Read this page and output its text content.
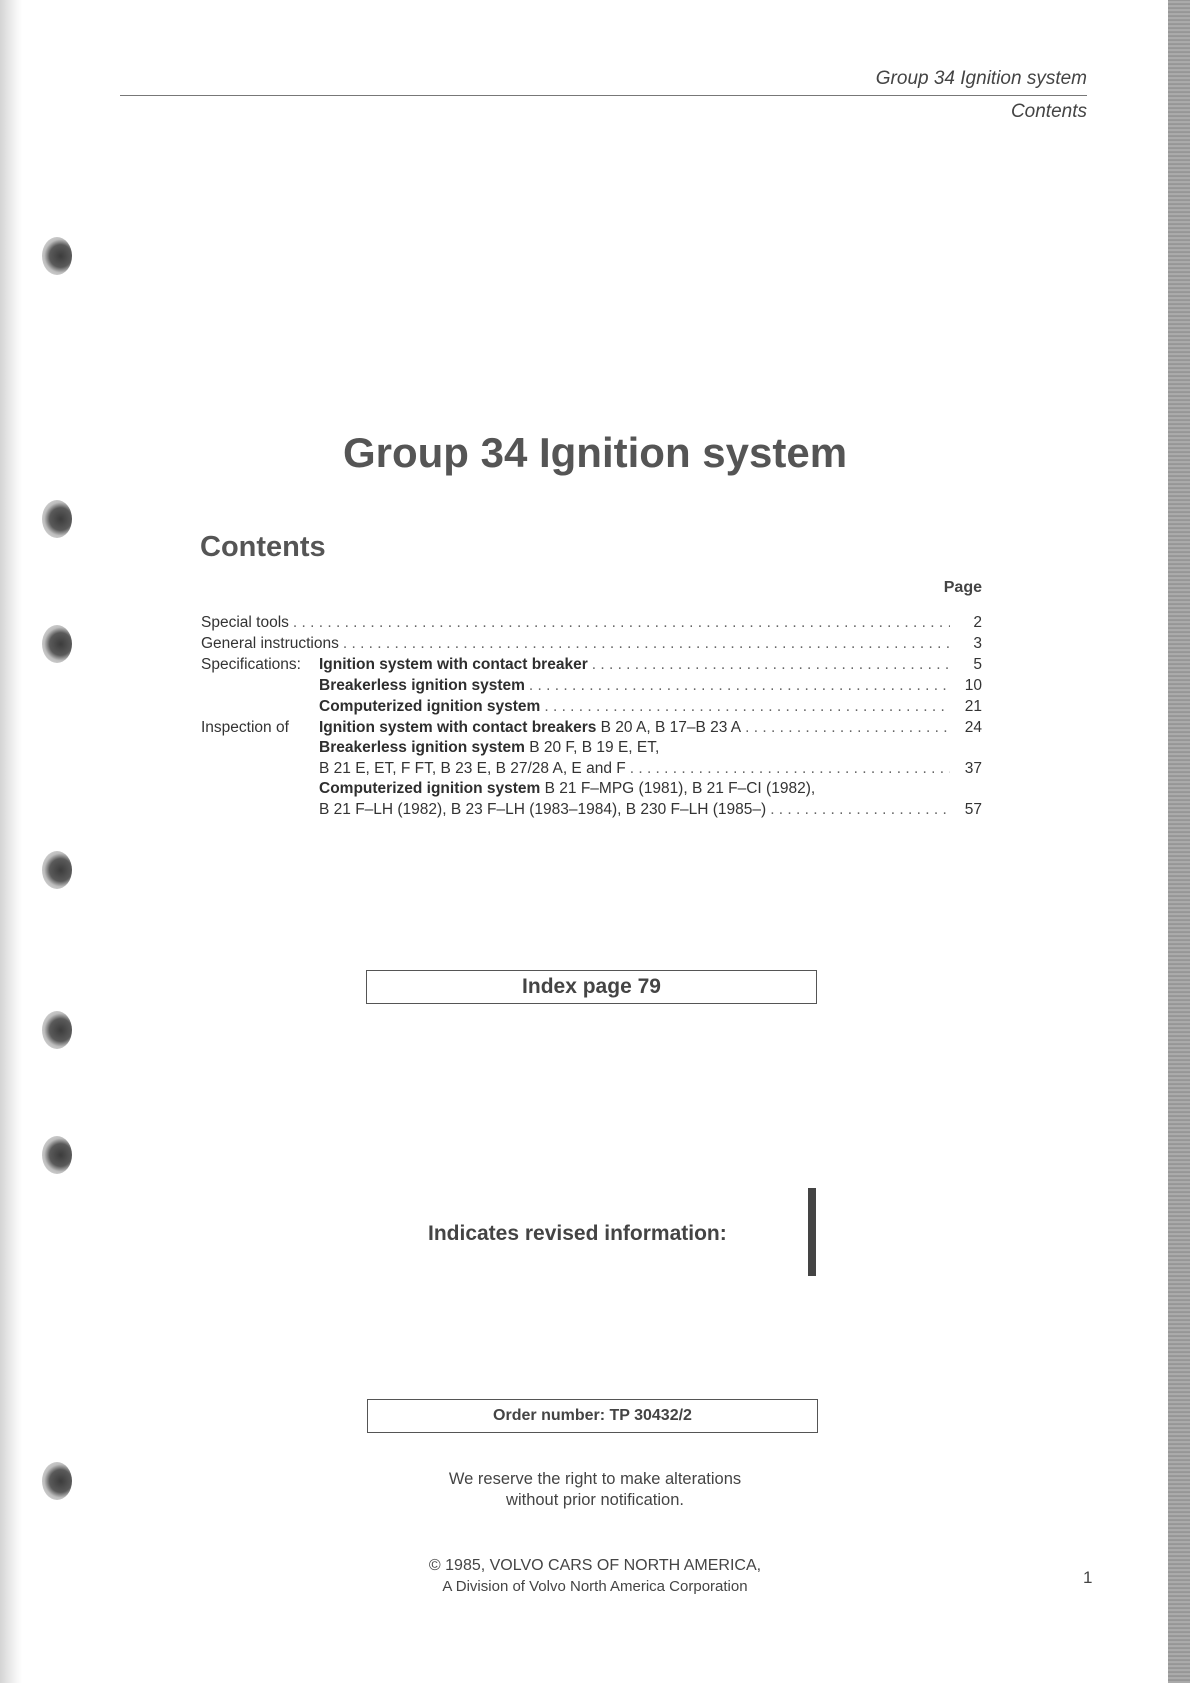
Group 34 Ignition system
Contents
Group 34 Ignition system
Contents
Page
Special tools . . .	2
General instructions . . .	3
Specifications:	Ignition system with contact breaker . . .	5
Breakerless ignition system . . .	10
Computerized ignition system . . .	21
Inspection of	Ignition system with contact breakers B 20 A, B 17–B 23 A . . .	24
Breakerless ignition system B 20 F, B 19 E, ET,
B 21 E, ET, F FT, B 23 E, B 27/28 A, E and F . . .	37
Computerized ignition system B 21 F–MPG (1981), B 21 F–CI (1982),
B 21 F–LH (1982), B 23 F–LH (1983–1984), B 230 F–LH (1985–) . . .	57
Index page 79
Indicates revised information:
Order number: TP 30432/2
We reserve the right to make alterations
without prior notification.
© 1985, VOLVO CARS OF NORTH AMERICA,
A Division of Volvo North America Corporation	1
